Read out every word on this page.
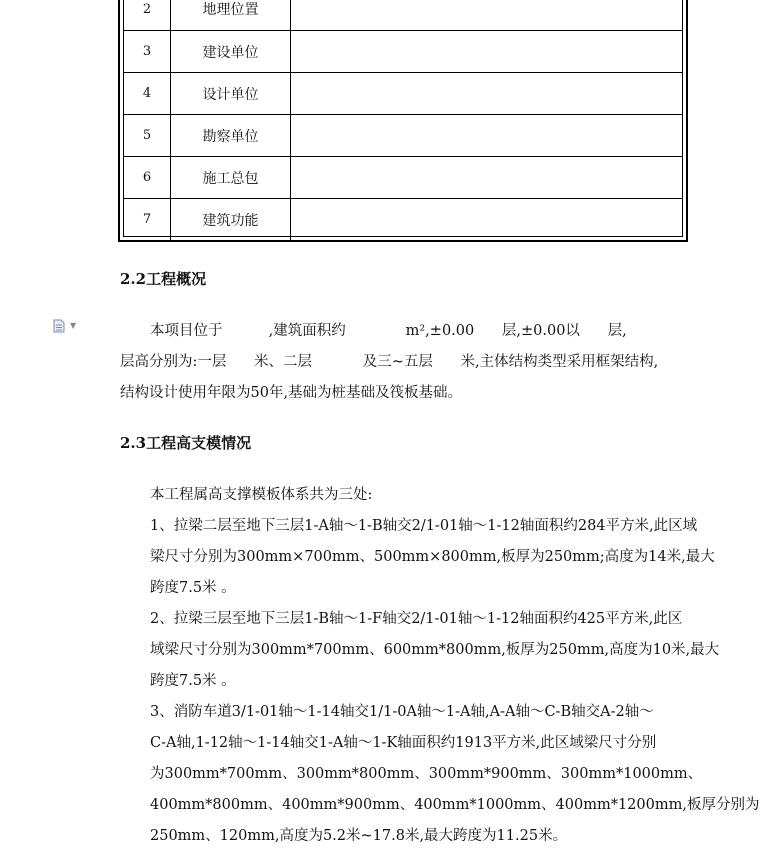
2	地理位置
3	建设单位
4	设计单位
5	勘察单位
6	施工总包
7	建筑功能
2.2工程概况
▼	本项目位于          ,建筑面积约             m²,±0.00      层,±0.00以      层,
层高分别为:一层      米、二层           及三~五层      米,主体结构类型采用框架结构,
结构设计使用年限为50年,基础为桩基础及筏板基础。
2.3工程高支模情况
本工程属高支撑模板体系共为三处:
1、拉梁二层至地下三层1-A轴～1-B轴交2/1-01轴～1-12轴面积约284平方米,此区域
梁尺寸分别为300mm×700mm、500mm×800mm,板厚为250mm;高度为14米,最大
跨度7.5米 。
2、拉梁三层至地下三层1-B轴～1-F轴交2/1-01轴～1-12轴面积约425平方米,此区
域梁尺寸分别为300mm*700mm、600mm*800mm,板厚为250mm,高度为10米,最大
跨度7.5米 。
3、消防车道3/1-01轴～1-14轴交1/1-0A轴～1-A轴,A-A轴～C-B轴交A-2轴～
C-A轴,1-12轴～1-14轴交1-A轴～1-K轴面积约1913平方米,此区域梁尺寸分别
为300mm*700mm、300mm*800mm、300mm*900mm、300mm*1000mm、
400mm*800mm、400mm*900mm、400mm*1000mm、400mm*1200mm,板厚分别为
250mm、120mm,高度为5.2米~17.8米,最大跨度为11.25米。
